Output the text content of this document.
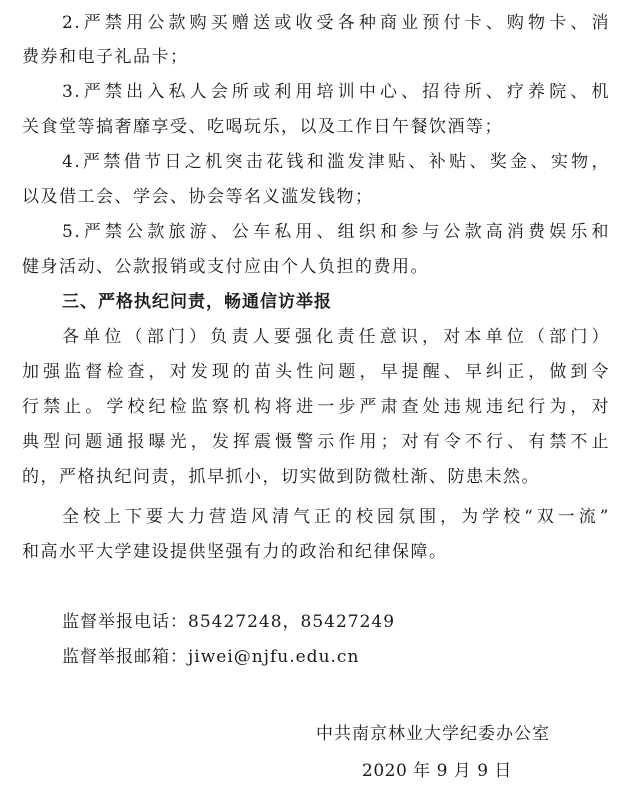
2.严禁用公款购买赠送或收受各种商业预付卡、购物卡、消
费券和电子礼品卡；
3.严禁出入私人会所或利用培训中心、招待所、疗养院、机
关食堂等搞奢靡享受、吃喝玩乐，以及工作日午餐饮酒等；
4.严禁借节日之机突击花钱和滥发津贴、补贴、奖金、实物，
以及借工会、学会、协会等名义滥发钱物；
5.严禁公款旅游、公车私用、组织和参与公款高消费娱乐和
健身活动、公款报销或支付应由个人负担的费用。
三、严格执纪问责，畅通信访举报
各单位（部门）负责人要强化责任意识，对本单位（部门）
加强监督检查，对发现的苗头性问题，早提醒、早纠正，做到令
行禁止。学校纪检监察机构将进一步严肃查处违规违纪行为，对
典型问题通报曝光，发挥震慑警示作用；对有令不行、有禁不止
的，严格执纪问责，抓早抓小，切实做到防微杜渐、防患未然。
全校上下要大力营造风清气正的校园氛围，为学校“双一流”
和高水平大学建设提供坚强有力的政治和纪律保障。
监督举报电话：85427248，85427249
监督举报邮箱：jiwei@njfu.edu.cn
中共南京林业大学纪委办公室
2020 年 9 月 9 日
